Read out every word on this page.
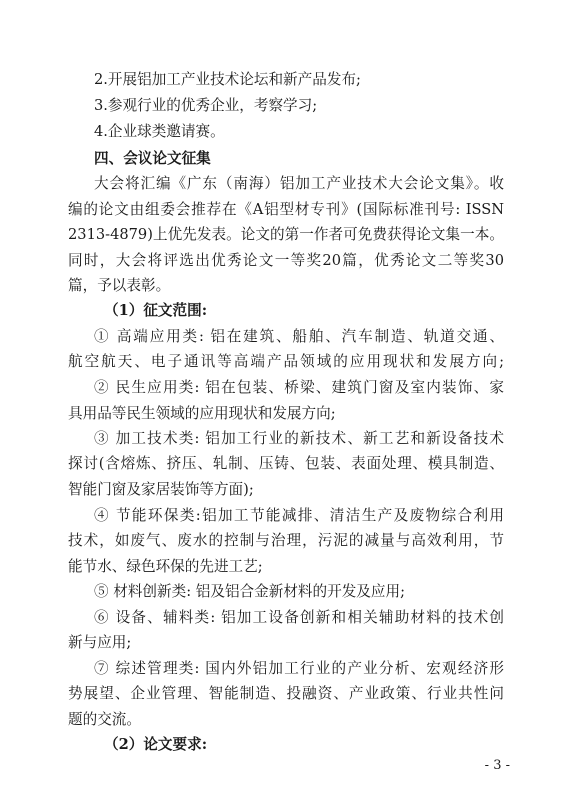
2.开展铝加工产业技术论坛和新产品发布;
3.参观行业的优秀企业，考察学习;
4.企业球类邀请赛。
四、会议论文征集
大会将汇编《广东（南海）铝加工产业技术大会论文集》。收
编的论文由组委会推荐在《A铝型材专刊》(国际标准刊号: ISSN
2313-4879)上优先发表。论文的第一作者可免费获得论文集一本。
同时，大会将评选出优秀论文一等奖20篇，优秀论文二等奖30
篇，予以表彰。
（1）征文范围:
① 高端应用类: 铝在建筑、船舶、汽车制造、轨道交通、
航空航天、电子通讯等高端产品领域的应用现状和发展方向;
② 民生应用类: 铝在包装、桥梁、建筑门窗及室内装饰、家
具用品等民生领域的应用现状和发展方向;
③ 加工技术类: 铝加工行业的新技术、新工艺和新设备技术
探讨(含熔炼、挤压、轧制、压铸、包装、表面处理、模具制造、
智能门窗及家居装饰等方面);
④ 节能环保类:铝加工节能减排、清洁生产及废物综合利用
技术，如废气、废水的控制与治理，污泥的减量与高效利用，节
能节水、绿色环保的先进工艺;
⑤ 材料创新类: 铝及铝合金新材料的开发及应用;
⑥ 设备、辅料类: 铝加工设备创新和相关辅助材料的技术创
新与应用;
⑦ 综述管理类: 国内外铝加工行业的产业分析、宏观经济形
势展望、企业管理、智能制造、投融资、产业政策、行业共性问
题的交流。
（2）论文要求:
- 3 -
